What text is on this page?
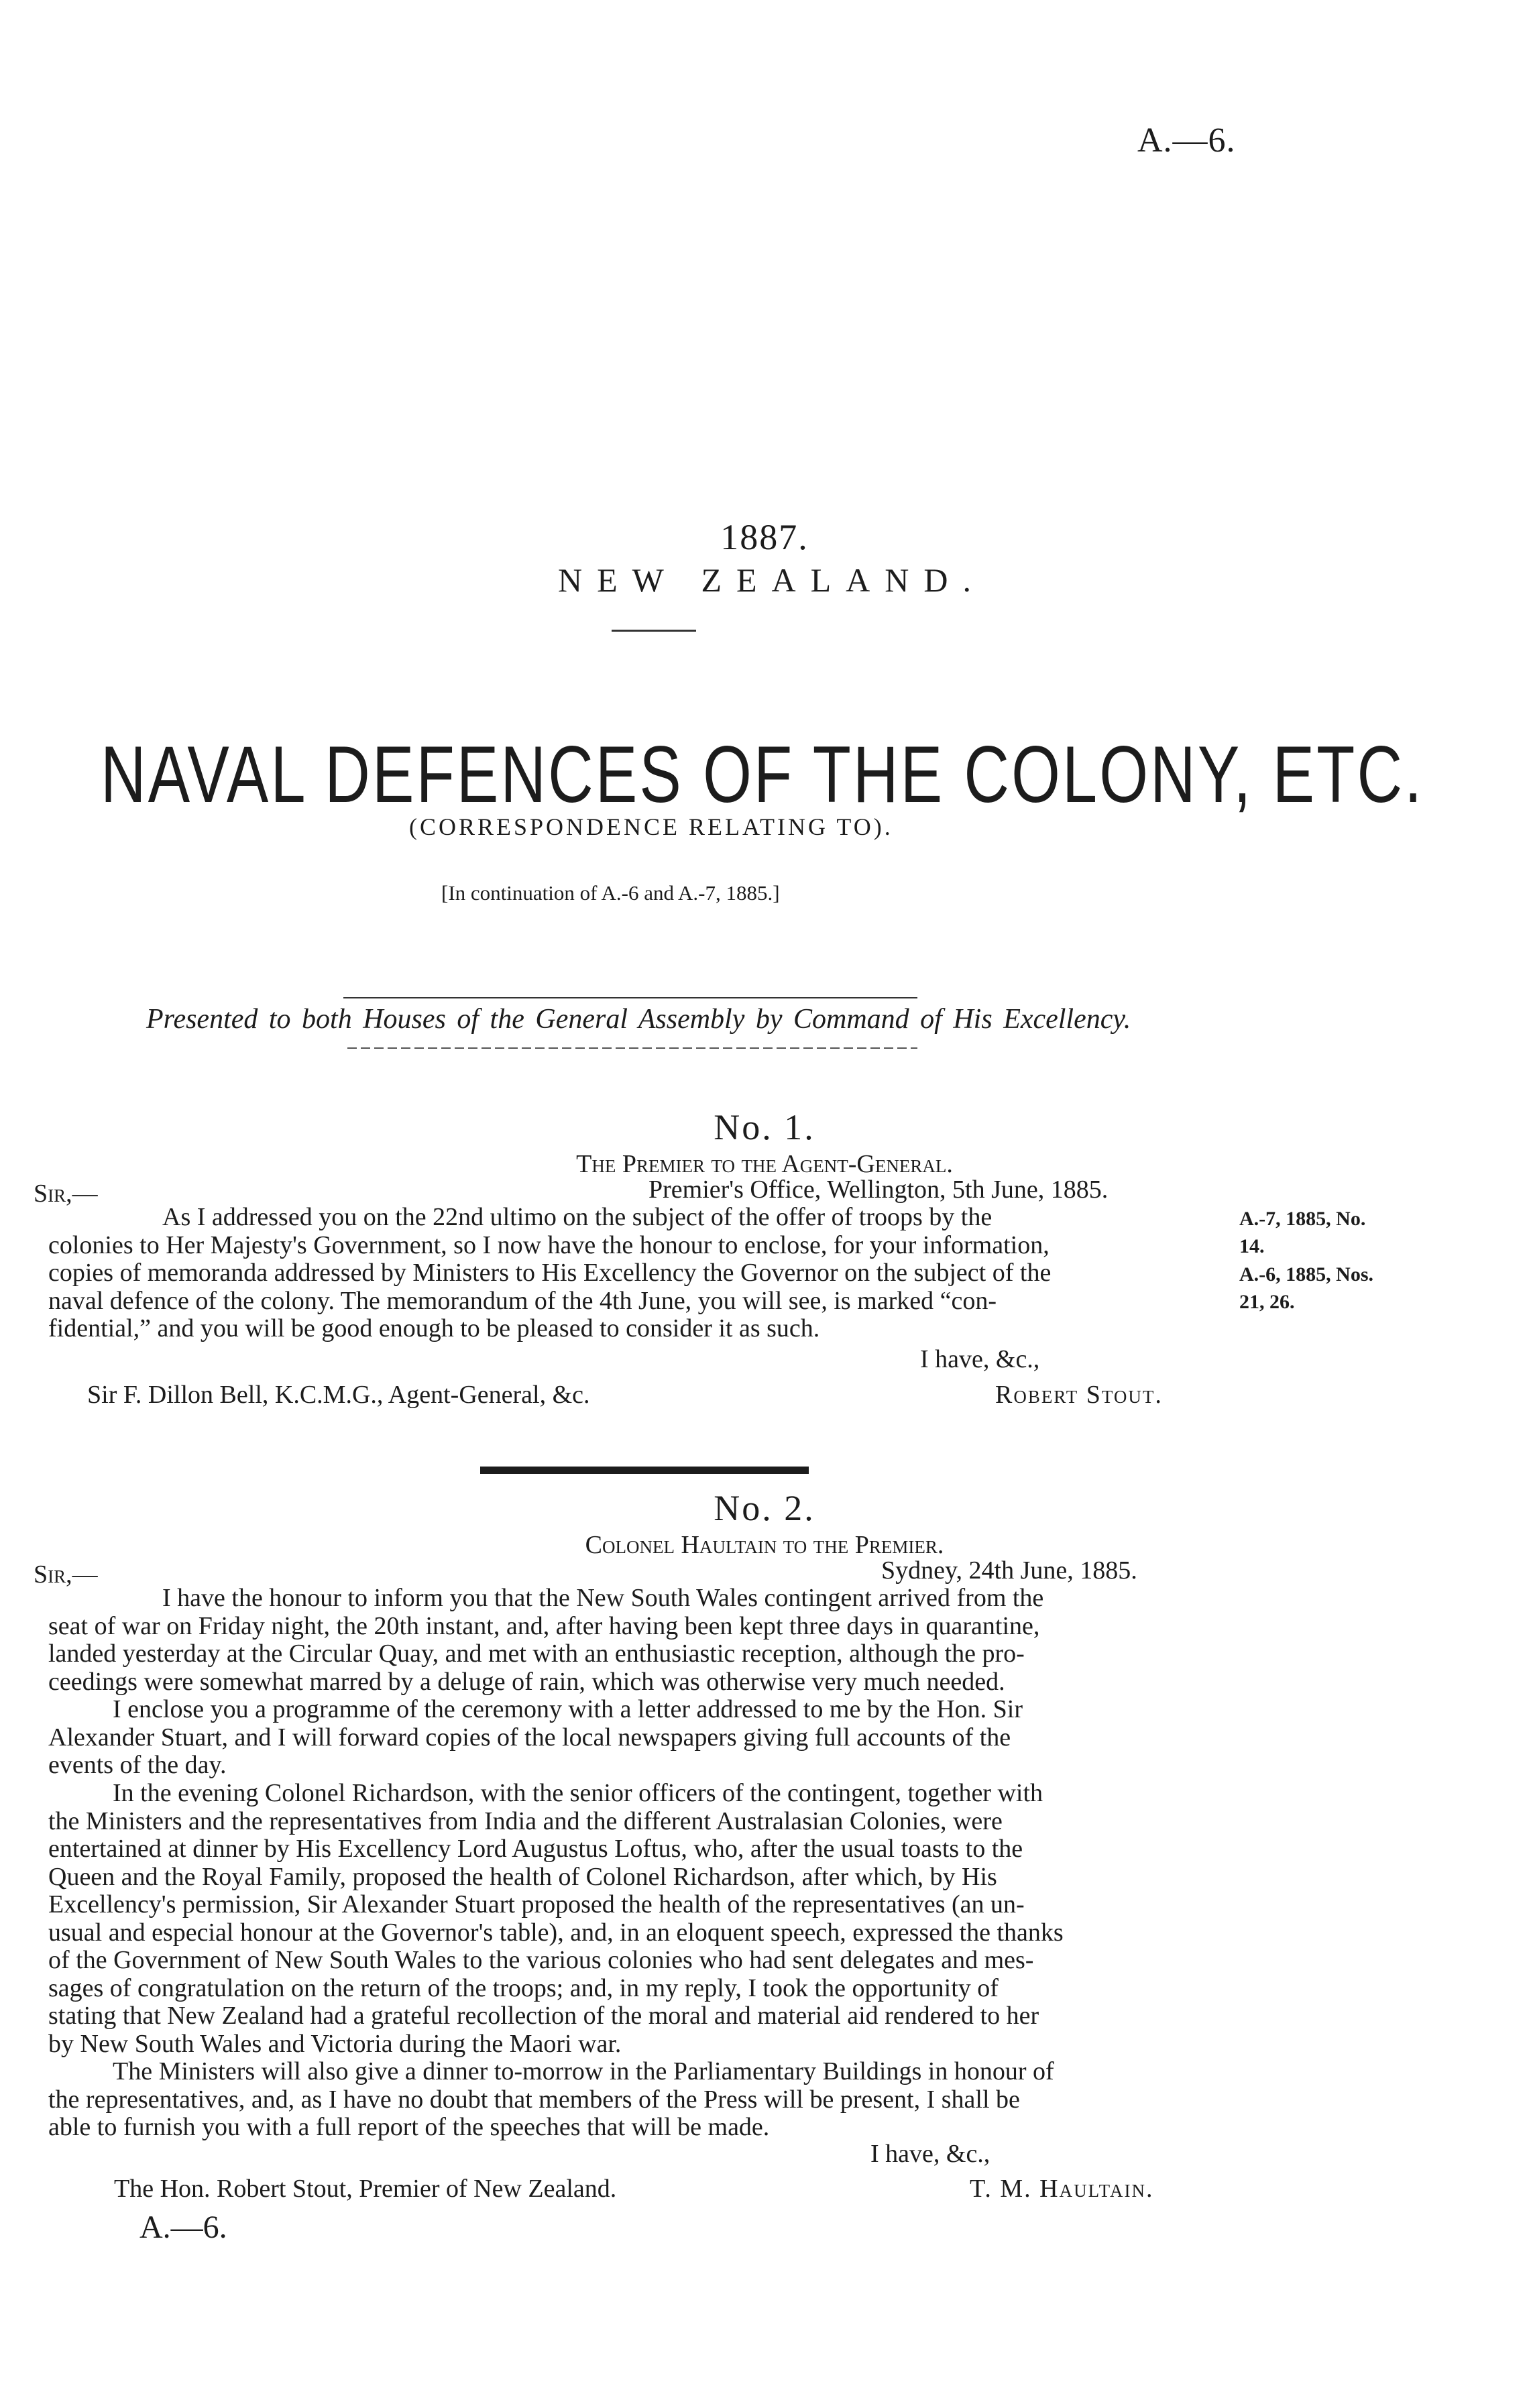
A.—6.
1887.
NEW ZEALAND.
NAVAL DEFENCES OF THE COLONY, ETC.
(CORRESPONDENCE RELATING TO).
[In continuation of A.-6 and A.-7, 1885.]
Presented to both Houses of the General Assembly by Command of His Excellency.
No. 1.
The Premier to the Agent-General.
Sir,—	Premier's Office, Wellington, 5th June, 1885.
As I addressed you on the 22nd ultimo on the subject of the offer of troops by the
colonies to Her Majesty's Government, so I now have the honour to enclose, for your information,
copies of memoranda addressed by Ministers to His Excellency the Governor on the subject of the
naval defence of the colony. The memorandum of the 4th June, you will see, is marked “con-
fidential,” and you will be good enough to be pleased to consider it as such.
A.-7, 1885, No.
14.
A.-6, 1885, Nos.
21, 26.
I have, &c.,
Sir F. Dillon Bell, K.C.M.G., Agent-General, &c.	Robert Stout.
No. 2.
Colonel Haultain to the Premier.
Sir,—	Sydney, 24th June, 1885.
I have the honour to inform you that the New South Wales contingent arrived from the
seat of war on Friday night, the 20th instant, and, after having been kept three days in quarantine,
landed yesterday at the Circular Quay, and met with an enthusiastic reception, although the pro-
ceedings were somewhat marred by a deluge of rain, which was otherwise very much needed.
I enclose you a programme of the ceremony with a letter addressed to me by the Hon. Sir
Alexander Stuart, and I will forward copies of the local newspapers giving full accounts of the
events of the day.
In the evening Colonel Richardson, with the senior officers of the contingent, together with
the Ministers and the representatives from India and the different Australasian Colonies, were
entertained at dinner by His Excellency Lord Augustus Loftus, who, after the usual toasts to the
Queen and the Royal Family, proposed the health of Colonel Richardson, after which, by His
Excellency's permission, Sir Alexander Stuart proposed the health of the representatives (an un-
usual and especial honour at the Governor's table), and, in an eloquent speech, expressed the thanks
of the Government of New South Wales to the various colonies who had sent delegates and mes-
sages of congratulation on the return of the troops; and, in my reply, I took the opportunity of
stating that New Zealand had a grateful recollection of the moral and material aid rendered to her
by New South Wales and Victoria during the Maori war.
The Ministers will also give a dinner to-morrow in the Parliamentary Buildings in honour of
the representatives, and, as I have no doubt that members of the Press will be present, I shall be
able to furnish you with a full report of the speeches that will be made.
I have, &c.,
The Hon. Robert Stout, Premier of New Zealand.	T. M. Haultain.
A.—6.
